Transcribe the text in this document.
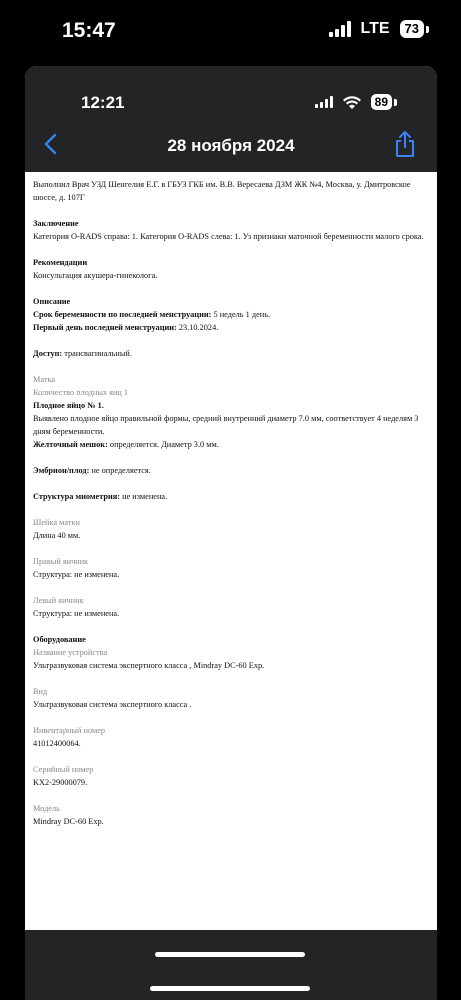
15:47	LTE	73
12:21	89
28 ноября 2024

Выполнил Врач УЗД Шенгелия Е.Г. в ГБУЗ ГКБ им. В.В. Вересаева ДЗМ ЖК №4, Москва, у. Дмитровское шоссе, д. 107Г

Заключение

Категория O-RADS справа: 1. Категория O-RADS слева: 1. Уз признаки маточной беременности малого срока.

Рекомендации

Консультация акушера-гинеколога.

Описание

Срок беременности по последней менструации: 5 недель 1 день.

Первый день последней менструации: 23.10.2024.

Доступ: трансвагинальный.

Матка

Количество плодных яиц 1

Плодное яйцо № 1.

Выявлено плодное яйцо правильной формы, средний внутренний диаметр 7.0 мм, соответствует 4 неделям 3 дням беременности.

Желточный мешок: определяется. Диаметр 3.0 мм.

Эмбрион/плод: не определяется.

Структура миометрия: не изменена.

Шейка матки

Длина 40 мм.

Правый яичник

Структура: не изменена.

Левый яичник

Структура: не изменена.

Оборудование

Название устройства

Ультразвуковая система экспертного класса , Mindray DC-60 Exp.

Вид

Ультразвуковая система экспертного класса .

Инвентарный номер

41012400064.

Серийный номер

KX2-29000079.

Модель

Mindray DC-60 Exp.
